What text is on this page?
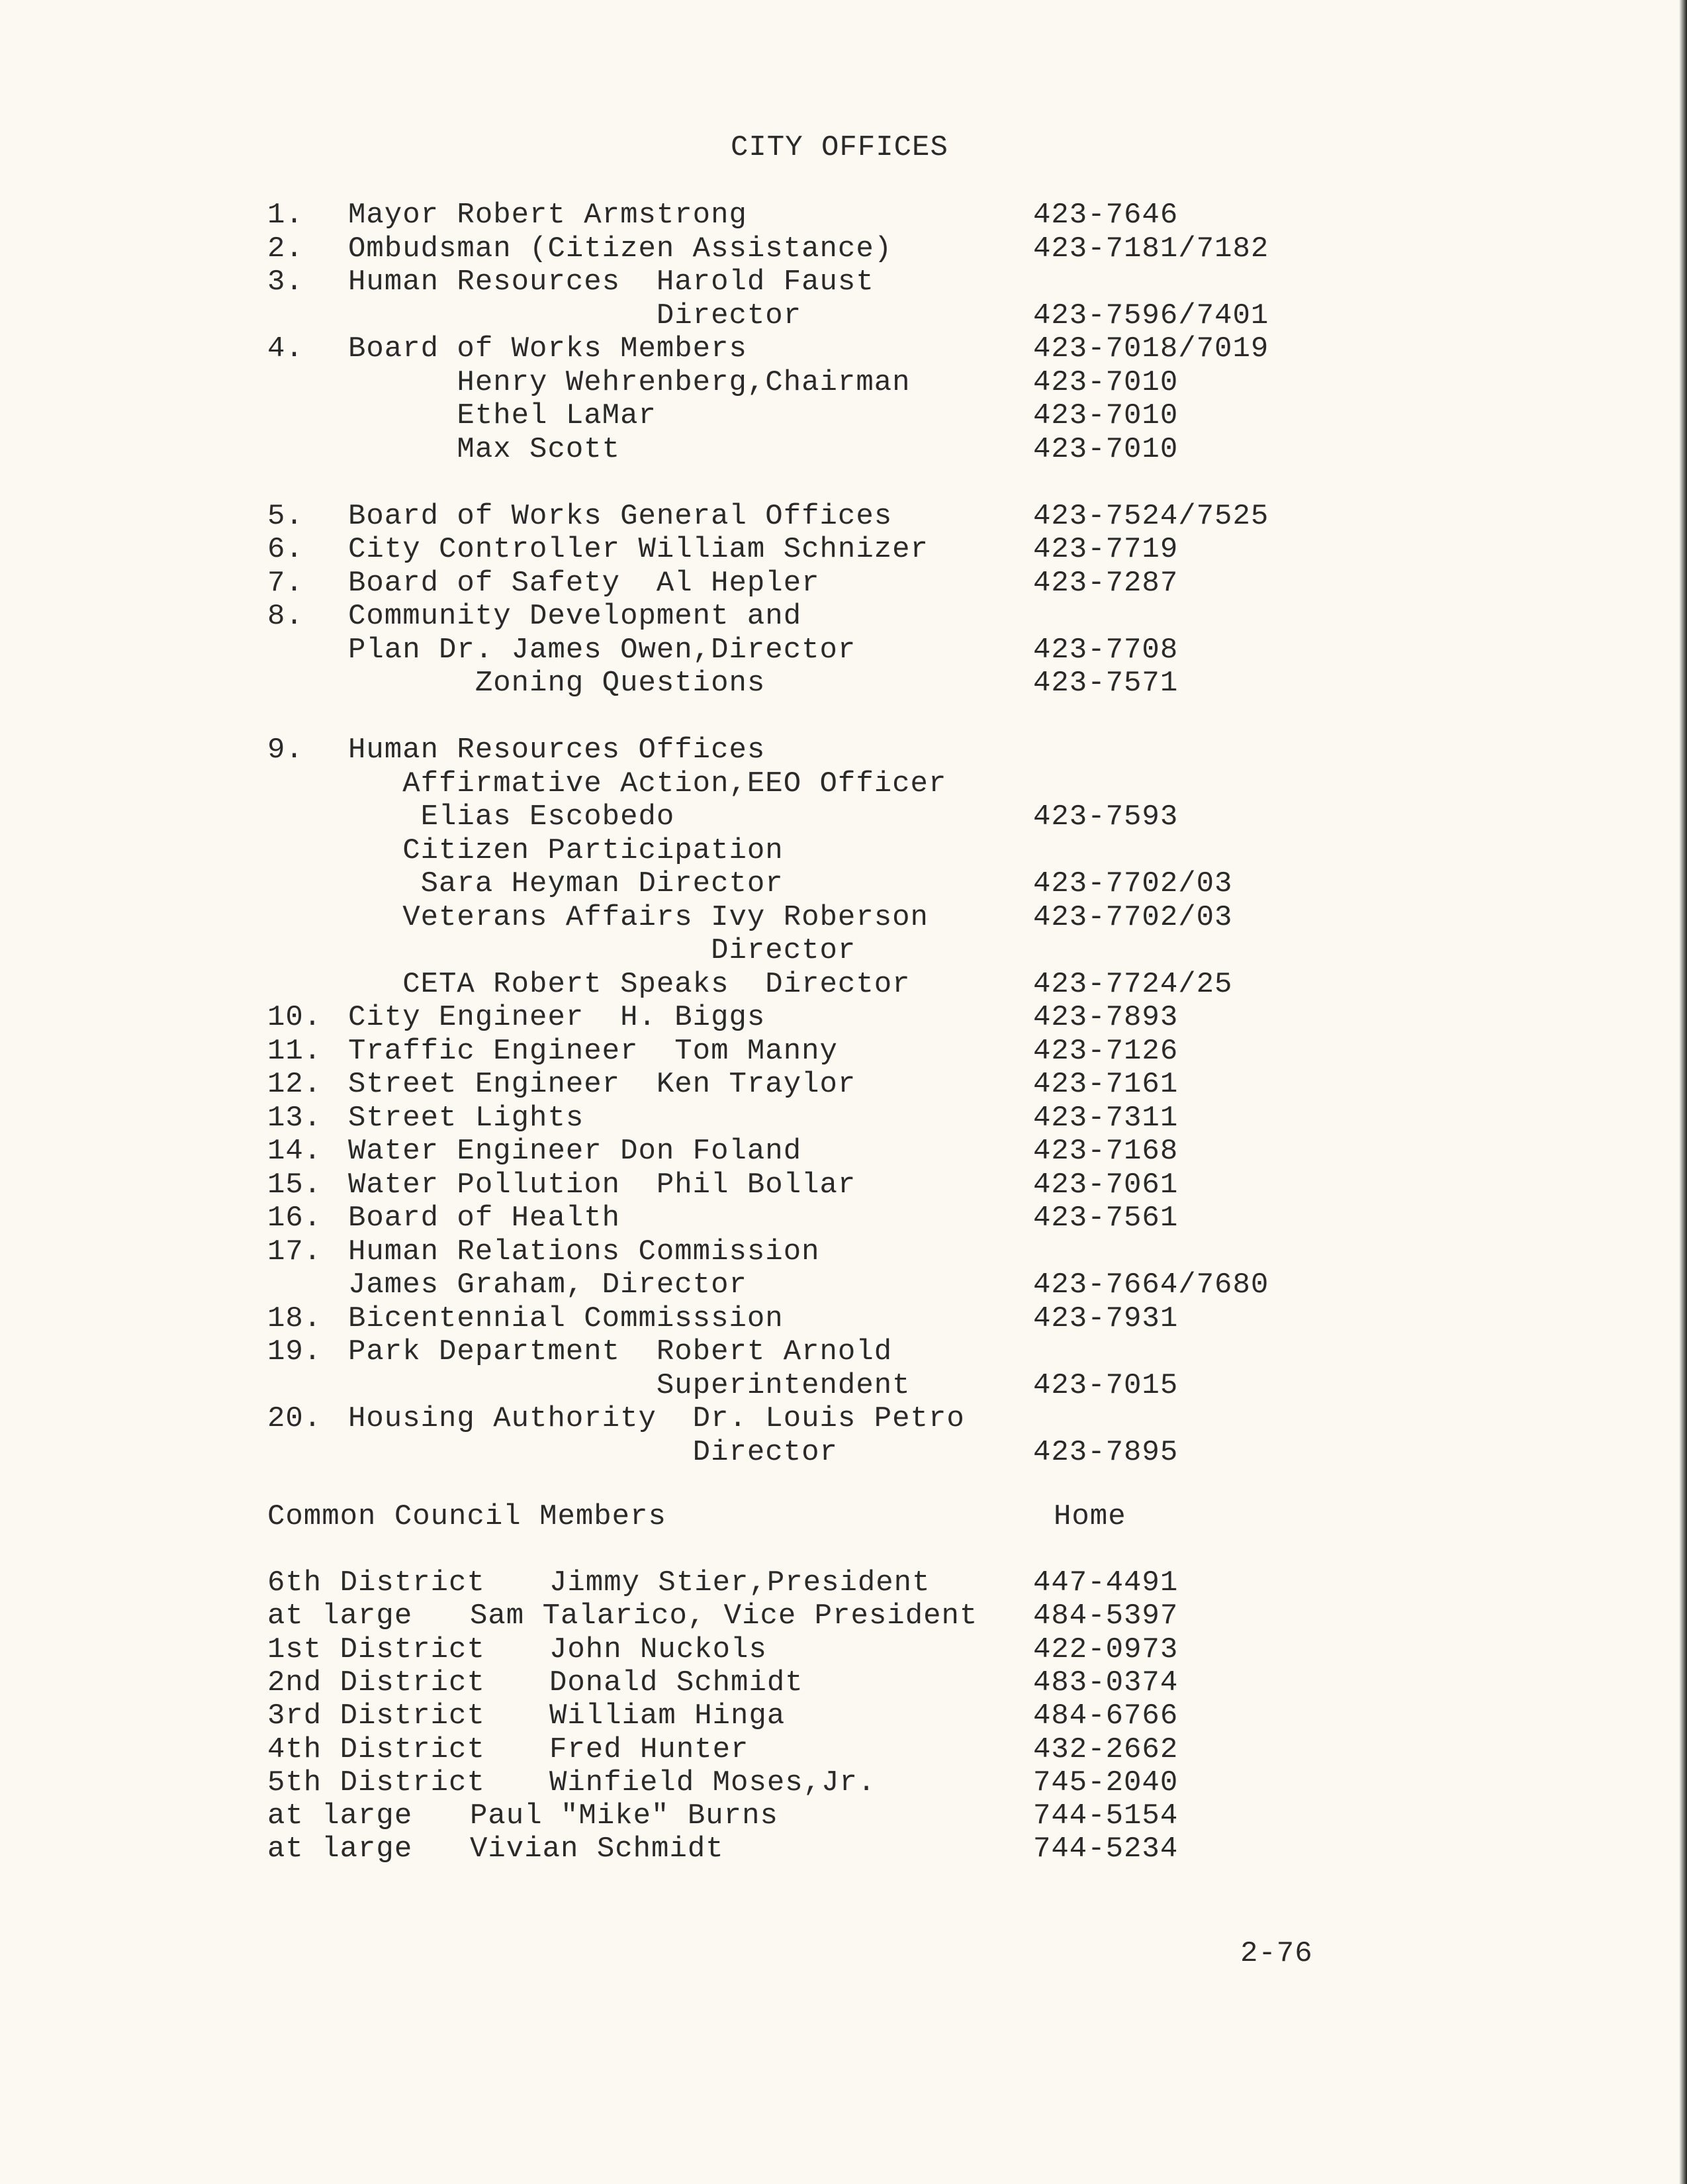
CITY OFFICES
1. Mayor Robert Armstrong	423-7646
2. Ombudsman (Citizen Assistance)	423-7181/7182
3. Human Resources  Harold Faust
Director	423-7596/7401
4. Board of Works Members	423-7018/7019
Henry Wehrenberg,Chairman	423-7010
Ethel LaMar	423-7010
Max Scott	423-7010
5. Board of Works General Offices	423-7524/7525
6. City Controller William Schnizer	423-7719
7. Board of Safety  Al Hepler	423-7287
8. Community Development and
Plan Dr. James Owen,Director	423-7708
Zoning Questions	423-7571
9. Human Resources Offices
Affirmative Action,EEO Officer
Elias Escobedo	423-7593
Citizen Participation
Sara Heyman Director	423-7702/03
Veterans Affairs Ivy Roberson	423-7702/03
Director
CETA Robert Speaks  Director	423-7724/25
10. City Engineer  H. Biggs	423-7893
11. Traffic Engineer  Tom Manny	423-7126
12. Street Engineer  Ken Traylor	423-7161
13. Street Lights	423-7311
14. Water Engineer Don Foland	423-7168
15. Water Pollution  Phil Bollar	423-7061
16. Board of Health	423-7561
17. Human Relations Commission
James Graham, Director	423-7664/7680
18. Bicentennial Commisssion	423-7931
19. Park Department  Robert Arnold
Superintendent	423-7015
20. Housing Authority  Dr. Louis Petro
Director	423-7895
Common Council Members	Home
6th District Jimmy Stier,President	447-4491
at large Sam Talarico, Vice President 484-5397
1st District John Nuckols	422-0973
2nd District Donald Schmidt	483-0374
3rd District William Hinga	484-6766
4th District Fred Hunter	432-2662
5th District Winfield Moses,Jr.	745-2040
at large Paul "Mike" Burns	744-5154
at large Vivian Schmidt	744-5234
2-76
